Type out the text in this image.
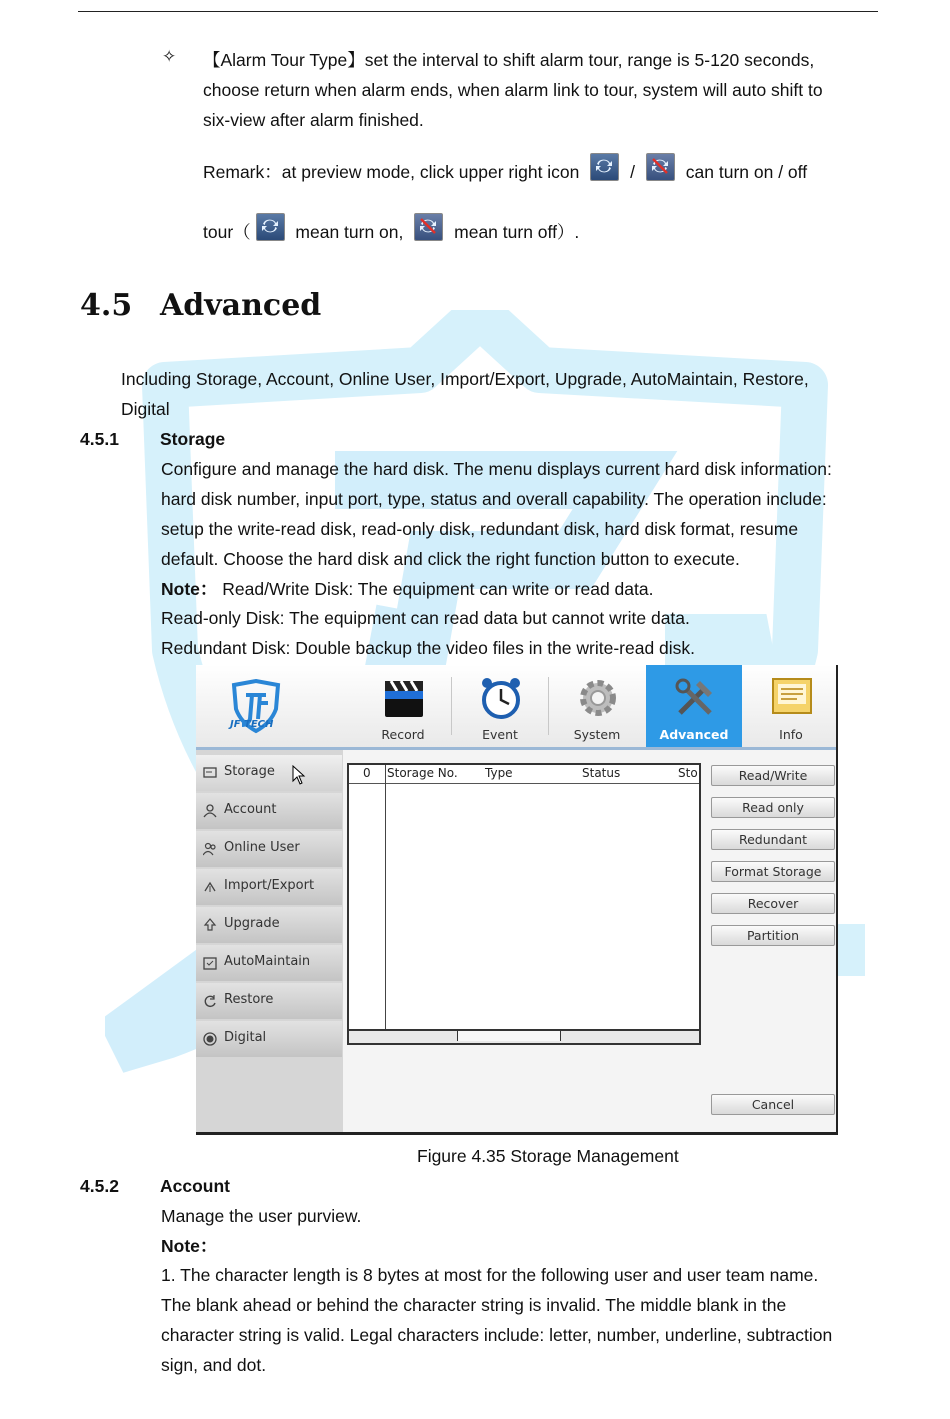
✧ 【Alarm Tour Type】set the interval to shift alarm tour, range is 5-120 seconds,
choose return when alarm ends, when alarm link to tour, system will auto shift to
six-view after alarm finished.
Remark：at preview mode, click upper right icon	/	can turn on / off
tour（	mean turn on,	mean turn off）.
4.5 Advanced
Including Storage, Account, Online User, Import/Export, Upgrade, AutoMaintain, Restore,
Digital
4.5.1 Storage
Configure and manage the hard disk. The menu displays current hard disk information:
hard disk number, input port, type, status and overall capability. The operation include:
setup the write-read disk, read-only disk, redundant disk, hard disk format, resume
default. Choose the hard disk and click the right function button to execute.
Note： Read/Write Disk: The equipment can write or read data.
Read-only Disk: The equipment can read data but cannot write data.
Redundant Disk: Double backup the video files in the write-read disk.
JF TECH
Record	Event	System	Advanced	Info
Storage
Account
Online User
Import/Export
Upgrade
AutoMaintain
Restore
Digital
0 Storage No. Type	Status	Sto	Read/Write
Read only
Redundant
Format Storage
Recover
Partition
Cancel
Figure 4.35 Storage Management
4.5.2 Account
Manage the user purview.
Note：
1. The character length is 8 bytes at most for the following user and user team name.
The blank ahead or behind the character string is invalid. The middle blank in the
character string is valid. Legal characters include: letter, number, underline, subtraction
sign, and dot.
